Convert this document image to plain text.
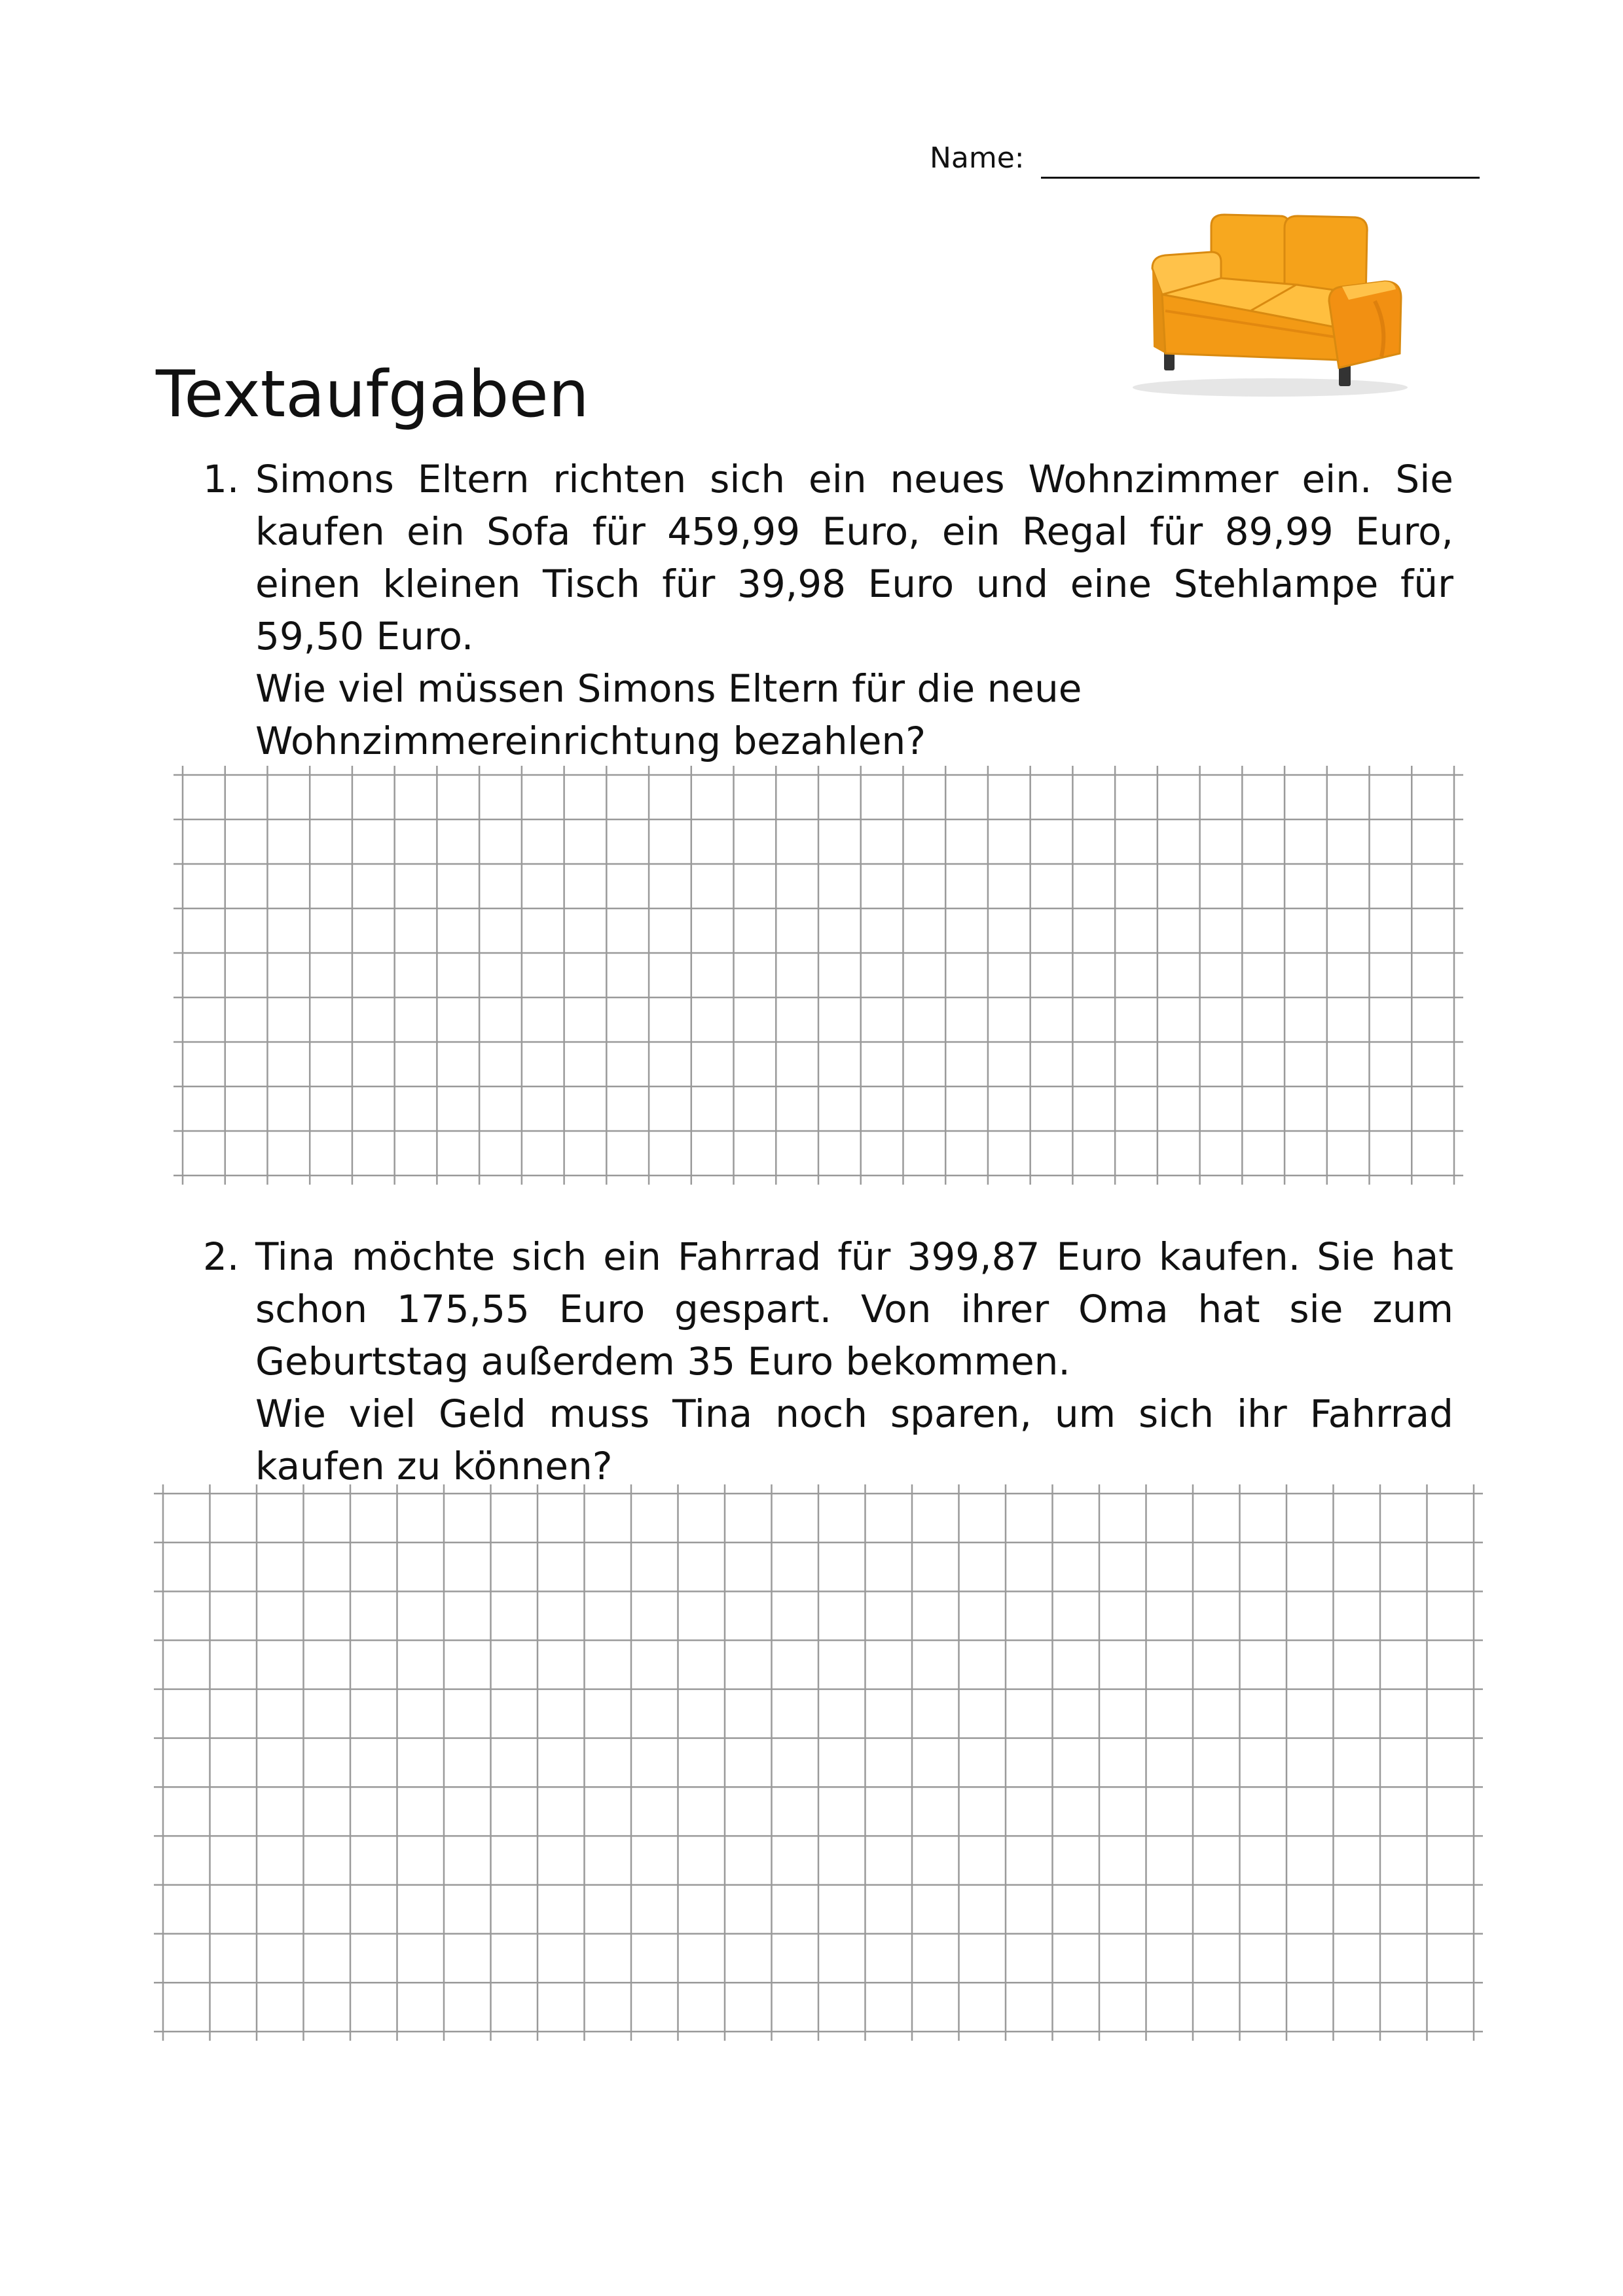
Name:
Textaufgaben
1. Simons Eltern richten sich ein neues Wohnzimmer ein. Sie kaufen ein Sofa für 459,99 Euro, ein Regal für 89,99 Euro, einen kleinen Tisch für 39,98 Euro und eine Stehlampe für 59,50 Euro.

Wie viel müssen Simons Eltern für die neue Wohnzimmereinrichtung bezahlen?

2. Tina möchte sich ein Fahrrad für 399,87 Euro kaufen. Sie hat schon 175,55 Euro gespart. Von ihrer Oma hat sie zum Geburtstag außerdem 35 Euro bekommen.

Wie viel Geld muss Tina noch sparen, um sich ihr Fahrrad kaufen zu können?
